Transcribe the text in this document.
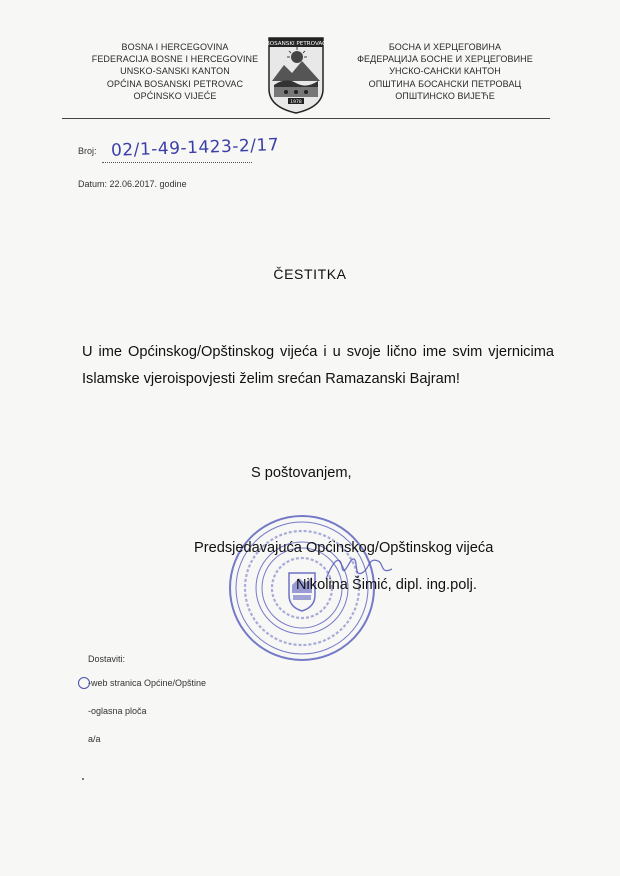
BOSNA I HERCEGOVINA
FEDERACIJA BOSNE I HERCEGOVINE
UNSKO-SANSKI KANTON
OPĆINA BOSANSKI PETROVAC
OPĆINSKO VIJEĆE
BOSANSKI PETROVAC
1978
БОСНА И ХЕРЦЕГОВИНА
ФЕДЕРАЦИЈА БОСНЕ И ХЕРЦЕГОВИНЕ
УНСКО-САНСКИ КАНТОН
ОПШТИНА БОСАНСКИ ПЕТРОВАЦ
ОПШТИНСКО ВИЈЕЋЕ
Broj: 02/1-49-1423-2/17
Datum: 22.06.2017. godine
ČESTITKA
U ime Općinskog/Opštinskog vijeća i u svoje lično ime svim vjernicima Islamske vjeroispovjesti želim srećan Ramazanski Bajram!
S poštovanjem,
Predsjedavajuća Općinskog/Opštinskog vijeća
Nikolina Šimić, dipl. ing.polj.
Dostaviti:
-web stranica Općine/Opštine
-oglasna ploča
a/a
